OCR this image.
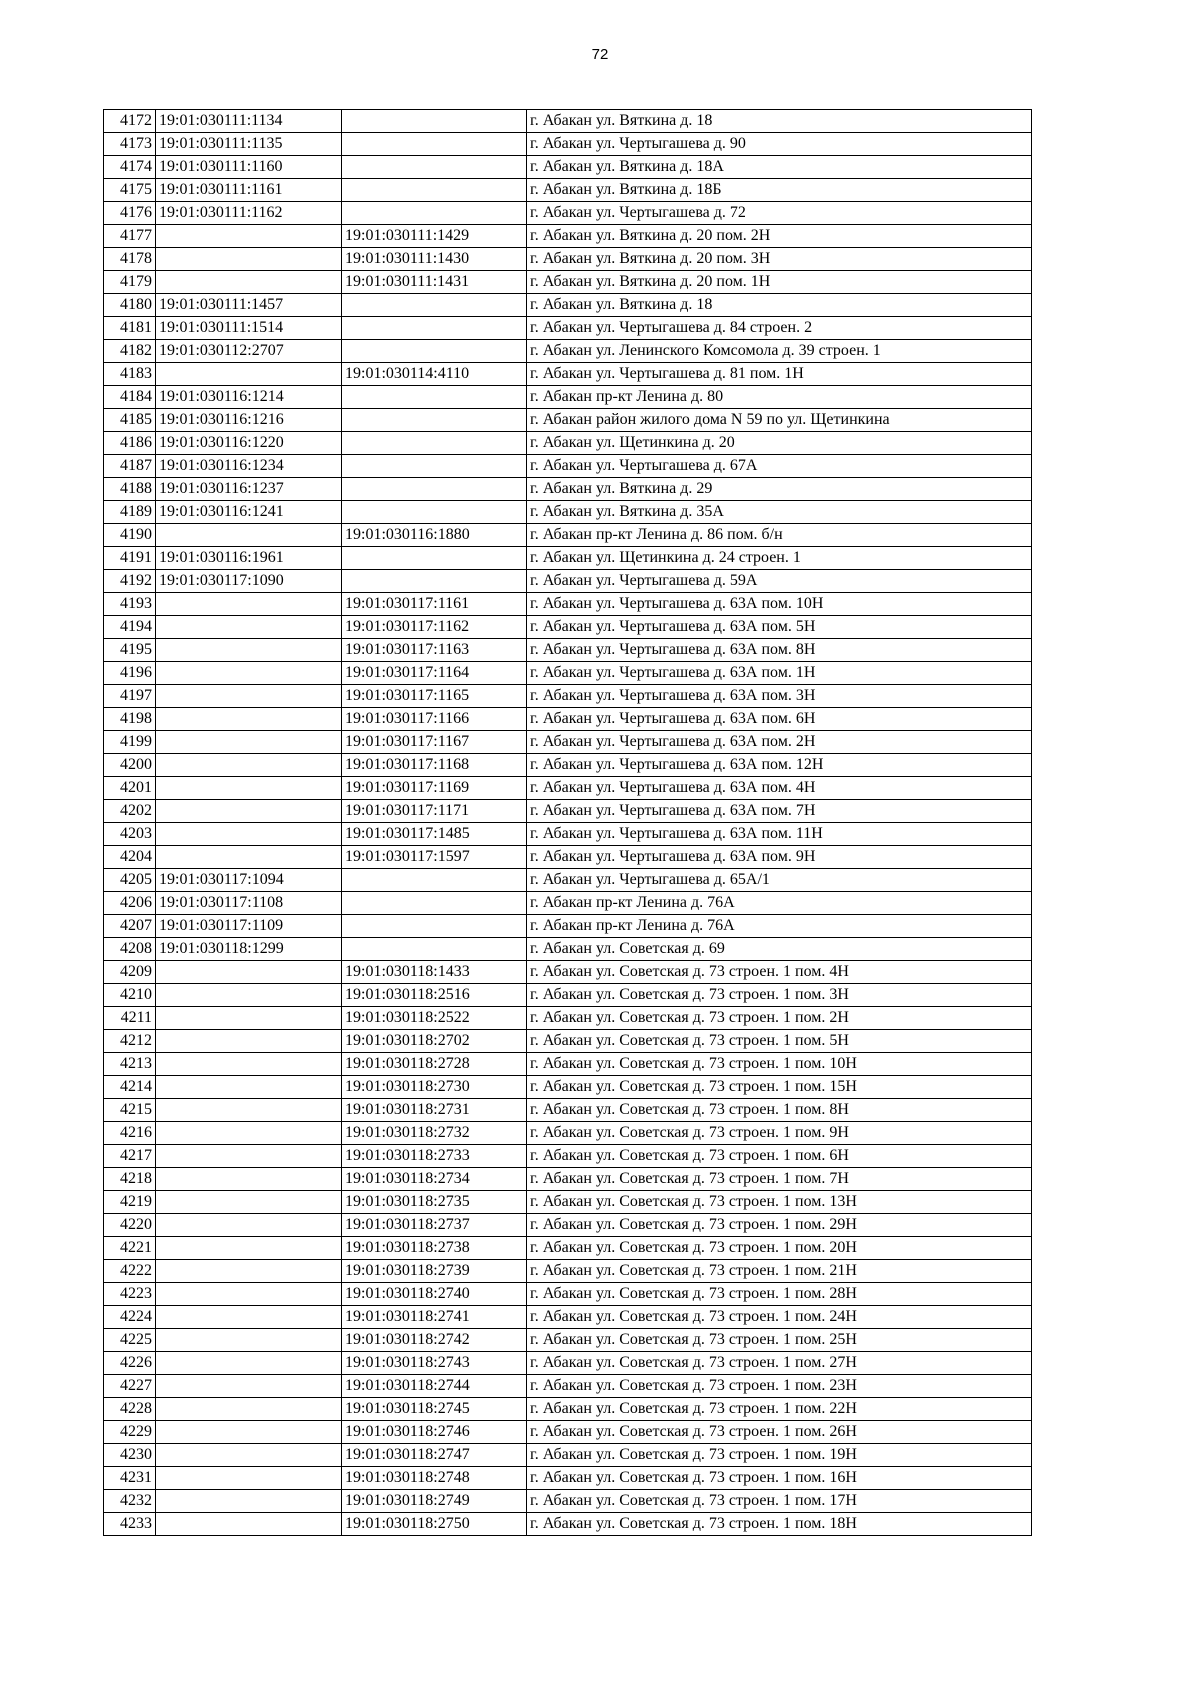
72
4172	19:01:030111:1134		г. Абакан ул. Вяткина д. 18
4173	19:01:030111:1135		г. Абакан ул. Чертыгашева д. 90
4174	19:01:030111:1160		г. Абакан ул. Вяткина д. 18А
4175	19:01:030111:1161		г. Абакан ул. Вяткина д. 18Б
4176	19:01:030111:1162		г. Абакан ул. Чертыгашева д. 72
4177		19:01:030111:1429	г. Абакан ул. Вяткина д. 20 пом. 2Н
4178		19:01:030111:1430	г. Абакан ул. Вяткина д. 20 пом. 3Н
4179		19:01:030111:1431	г. Абакан ул. Вяткина д. 20 пом. 1Н
4180	19:01:030111:1457		г. Абакан ул. Вяткина д. 18
4181	19:01:030111:1514		г. Абакан ул. Чертыгашева д. 84 строен. 2
4182	19:01:030112:2707		г. Абакан ул. Ленинского Комсомола д. 39 строен. 1
4183		19:01:030114:4110	г. Абакан ул. Чертыгашева д. 81 пом. 1Н
4184	19:01:030116:1214		г. Абакан пр-кт Ленина д. 80
4185	19:01:030116:1216		г. Абакан район жилого дома N 59 по ул. Щетинкина
4186	19:01:030116:1220		г. Абакан ул. Щетинкина д. 20
4187	19:01:030116:1234		г. Абакан ул. Чертыгашева д. 67А
4188	19:01:030116:1237		г. Абакан ул. Вяткина д. 29
4189	19:01:030116:1241		г. Абакан ул. Вяткина д. 35А
4190		19:01:030116:1880	г. Абакан пр-кт Ленина д. 86 пом. б/н
4191	19:01:030116:1961		г. Абакан ул. Щетинкина д. 24 строен. 1
4192	19:01:030117:1090		г. Абакан ул. Чертыгашева д. 59А
4193		19:01:030117:1161	г. Абакан ул. Чертыгашева д. 63А пом. 10Н
4194		19:01:030117:1162	г. Абакан ул. Чертыгашева д. 63А пом. 5Н
4195		19:01:030117:1163	г. Абакан ул. Чертыгашева д. 63А пом. 8Н
4196		19:01:030117:1164	г. Абакан ул. Чертыгашева д. 63А пом. 1Н
4197		19:01:030117:1165	г. Абакан ул. Чертыгашева д. 63А пом. 3Н
4198		19:01:030117:1166	г. Абакан ул. Чертыгашева д. 63А пом. 6Н
4199		19:01:030117:1167	г. Абакан ул. Чертыгашева д. 63А пом. 2Н
4200		19:01:030117:1168	г. Абакан ул. Чертыгашева д. 63А пом. 12Н
4201		19:01:030117:1169	г. Абакан ул. Чертыгашева д. 63А пом. 4Н
4202		19:01:030117:1171	г. Абакан ул. Чертыгашева д. 63А пом. 7Н
4203		19:01:030117:1485	г. Абакан ул. Чертыгашева д. 63А пом. 11Н
4204		19:01:030117:1597	г. Абакан ул. Чертыгашева д. 63А пом. 9Н
4205	19:01:030117:1094		г. Абакан ул. Чертыгашева д. 65А/1
4206	19:01:030117:1108		г. Абакан пр-кт Ленина д. 76А
4207	19:01:030117:1109		г. Абакан пр-кт Ленина д. 76А
4208	19:01:030118:1299		г. Абакан ул. Советская д. 69
4209		19:01:030118:1433	г. Абакан ул. Советская д. 73 строен. 1 пом. 4Н
4210		19:01:030118:2516	г. Абакан ул. Советская д. 73 строен. 1 пом. 3Н
4211		19:01:030118:2522	г. Абакан ул. Советская д. 73 строен. 1 пом. 2Н
4212		19:01:030118:2702	г. Абакан ул. Советская д. 73 строен. 1 пом. 5Н
4213		19:01:030118:2728	г. Абакан ул. Советская д. 73 строен. 1 пом. 10Н
4214		19:01:030118:2730	г. Абакан ул. Советская д. 73 строен. 1 пом. 15Н
4215		19:01:030118:2731	г. Абакан ул. Советская д. 73 строен. 1 пом. 8Н
4216		19:01:030118:2732	г. Абакан ул. Советская д. 73 строен. 1 пом. 9Н
4217		19:01:030118:2733	г. Абакан ул. Советская д. 73 строен. 1 пом. 6Н
4218		19:01:030118:2734	г. Абакан ул. Советская д. 73 строен. 1 пом. 7Н
4219		19:01:030118:2735	г. Абакан ул. Советская д. 73 строен. 1 пом. 13Н
4220		19:01:030118:2737	г. Абакан ул. Советская д. 73 строен. 1 пом. 29Н
4221		19:01:030118:2738	г. Абакан ул. Советская д. 73 строен. 1 пом. 20Н
4222		19:01:030118:2739	г. Абакан ул. Советская д. 73 строен. 1 пом. 21Н
4223		19:01:030118:2740	г. Абакан ул. Советская д. 73 строен. 1 пом. 28Н
4224		19:01:030118:2741	г. Абакан ул. Советская д. 73 строен. 1 пом. 24Н
4225		19:01:030118:2742	г. Абакан ул. Советская д. 73 строен. 1 пом. 25Н
4226		19:01:030118:2743	г. Абакан ул. Советская д. 73 строен. 1 пом. 27Н
4227		19:01:030118:2744	г. Абакан ул. Советская д. 73 строен. 1 пом. 23Н
4228		19:01:030118:2745	г. Абакан ул. Советская д. 73 строен. 1 пом. 22Н
4229		19:01:030118:2746	г. Абакан ул. Советская д. 73 строен. 1 пом. 26Н
4230		19:01:030118:2747	г. Абакан ул. Советская д. 73 строен. 1 пом. 19Н
4231		19:01:030118:2748	г. Абакан ул. Советская д. 73 строен. 1 пом. 16Н
4232		19:01:030118:2749	г. Абакан ул. Советская д. 73 строен. 1 пом. 17Н
4233		19:01:030118:2750	г. Абакан ул. Советская д. 73 строен. 1 пом. 18Н
